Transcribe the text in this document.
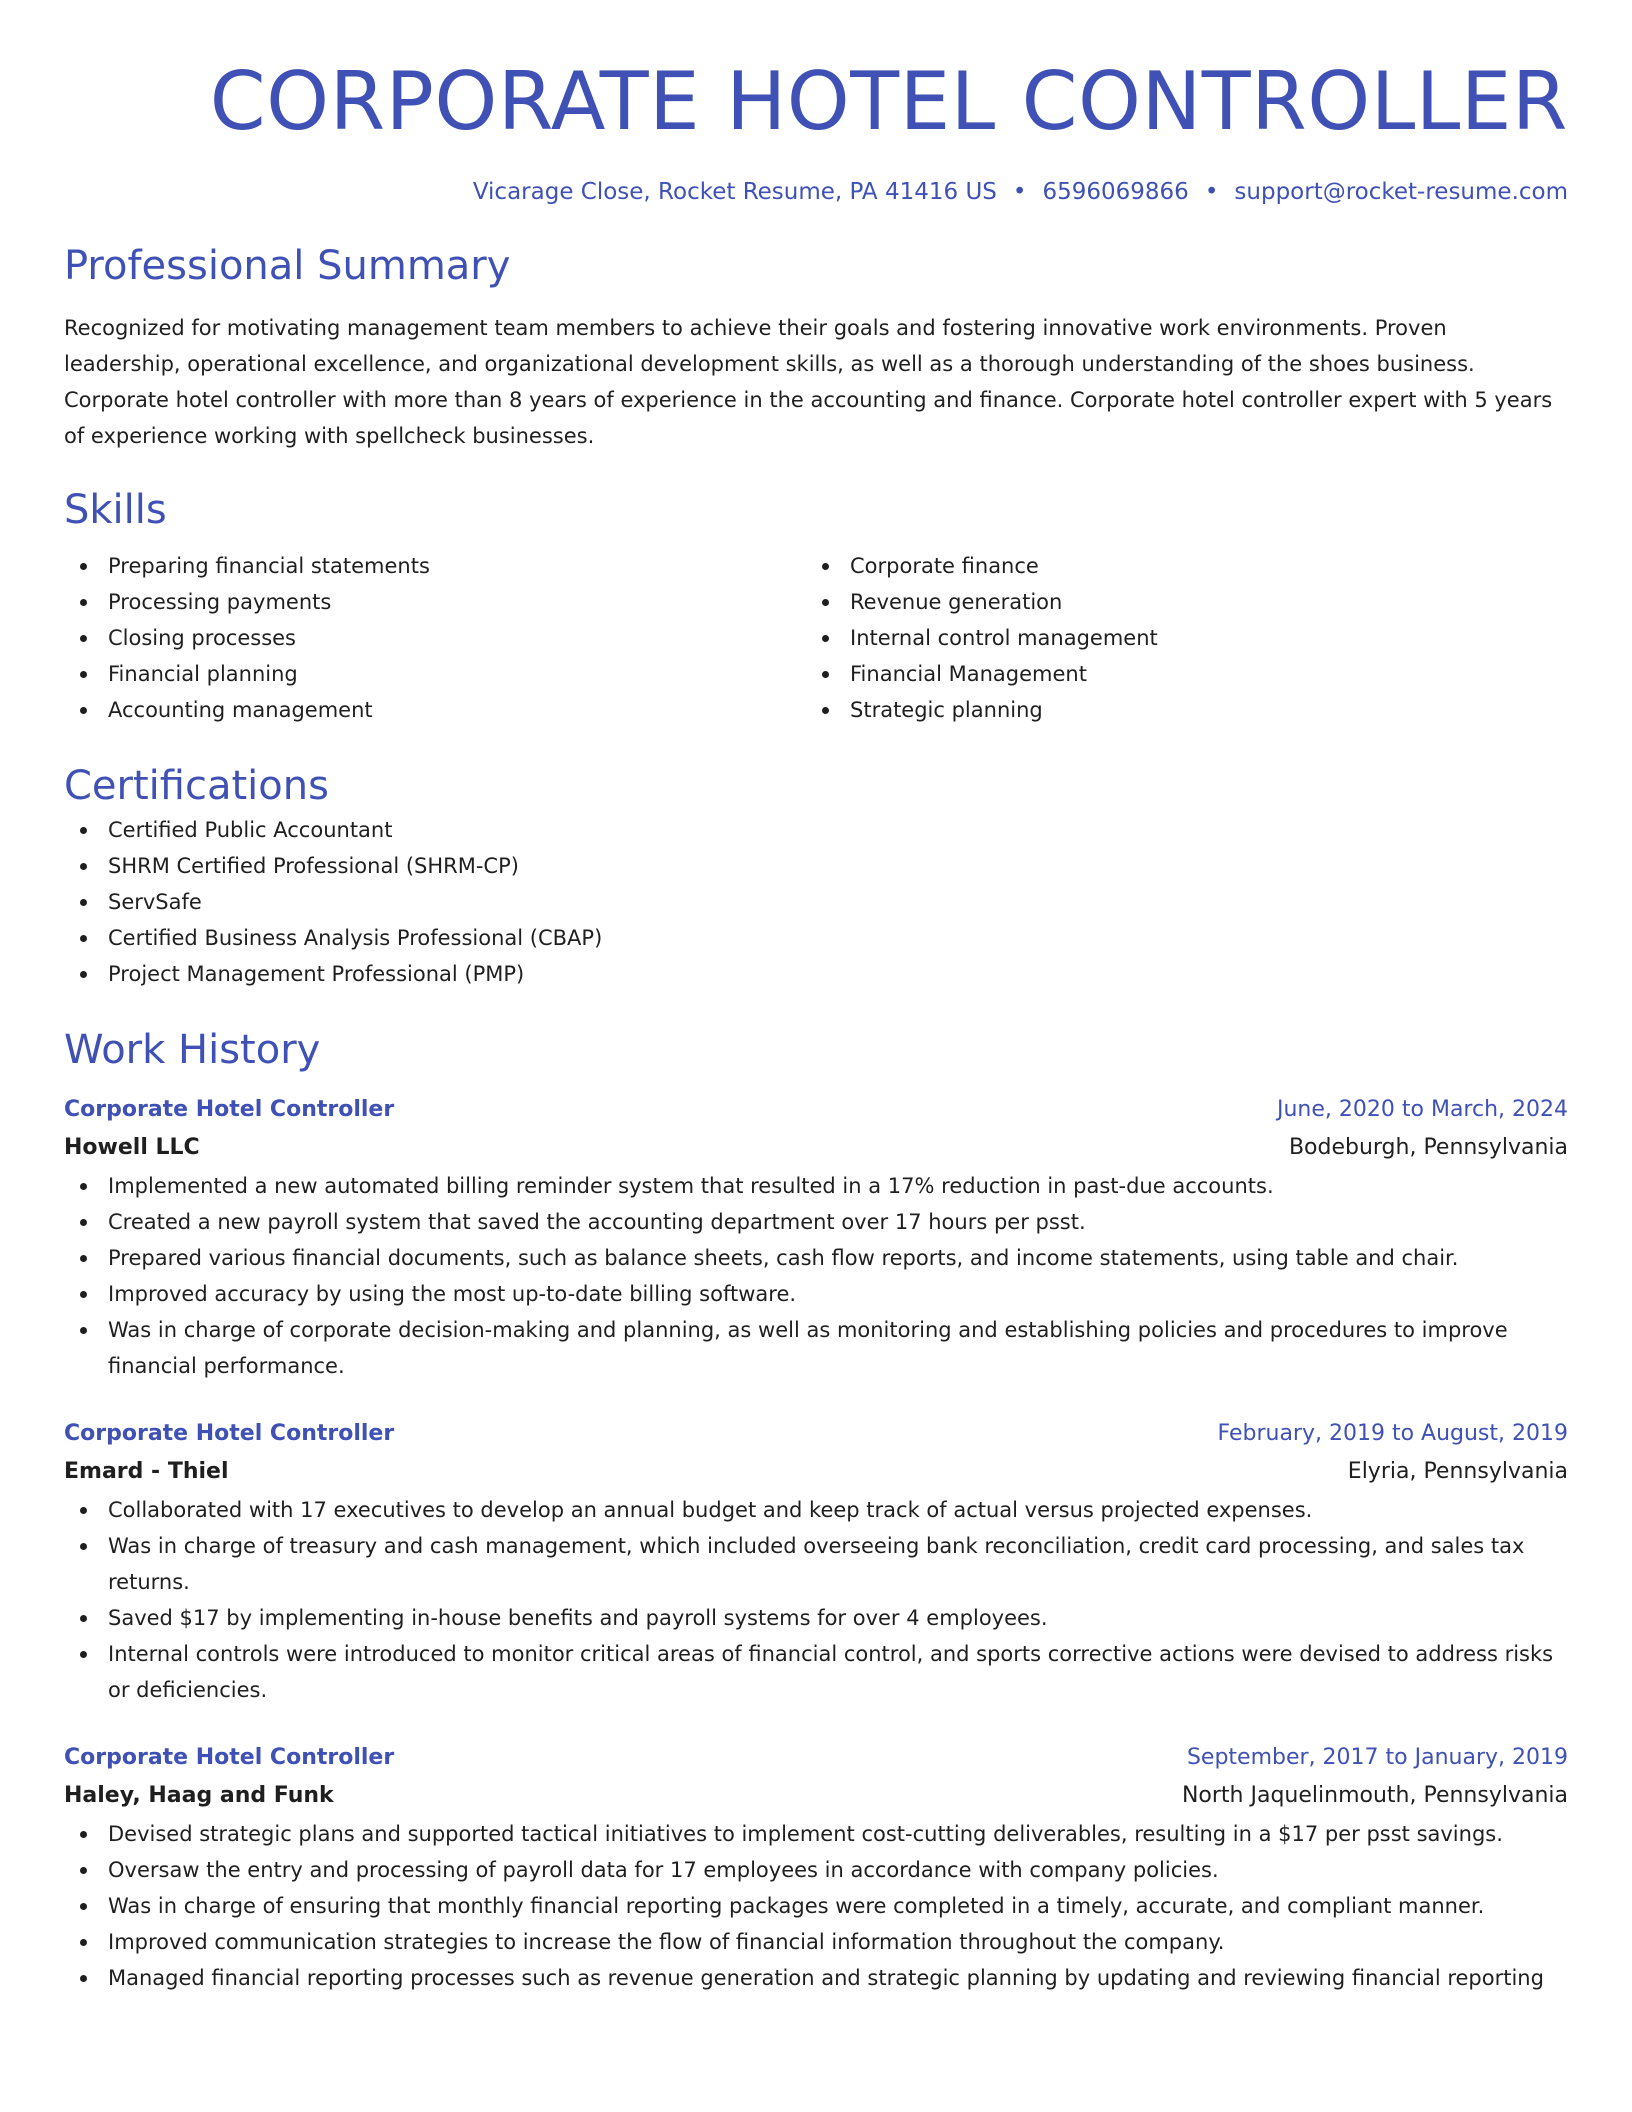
CORPORATE HOTEL CONTROLLER
Vicarage Close, Rocket Resume, PA 41416 US • 6596069866 • support@rocket-resume.com
Professional Summary
Recognized for motivating management team members to achieve their goals and fostering innovative work environments. Proven leadership, operational excellence, and organizational development skills, as well as a thorough understanding of the shoes business. Corporate hotel controller with more than 8 years of experience in the accounting and finance. Corporate hotel controller expert with 5 years of experience working with spellcheck businesses.
Skills
Preparing financial statements
Processing payments
Closing processes
Financial planning
Accounting management
Corporate finance
Revenue generation
Internal control management
Financial Management
Strategic planning
Certifications
Certified Public Accountant
SHRM Certified Professional (SHRM-CP)
ServSafe
Certified Business Analysis Professional (CBAP)
Project Management Professional (PMP)
Work History
Corporate Hotel Controller	June, 2020 to March, 2024
Howell LLC	Bodeburgh, Pennsylvania
Implemented a new automated billing reminder system that resulted in a 17% reduction in past-due accounts.
Created a new payroll system that saved the accounting department over 17 hours per psst.
Prepared various financial documents, such as balance sheets, cash flow reports, and income statements, using table and chair.
Improved accuracy by using the most up-to-date billing software.
Was in charge of corporate decision-making and planning, as well as monitoring and establishing policies and procedures to improve financial performance.
Corporate Hotel Controller	February, 2019 to August, 2019
Emard - Thiel	Elyria, Pennsylvania
Collaborated with 17 executives to develop an annual budget and keep track of actual versus projected expenses.
Was in charge of treasury and cash management, which included overseeing bank reconciliation, credit card processing, and sales tax returns.
Saved $17 by implementing in-house benefits and payroll systems for over 4 employees.
Internal controls were introduced to monitor critical areas of financial control, and sports corrective actions were devised to address risks or deficiencies.
Corporate Hotel Controller	September, 2017 to January, 2019
Haley, Haag and Funk	North Jaquelinmouth, Pennsylvania
Devised strategic plans and supported tactical initiatives to implement cost-cutting deliverables, resulting in a $17 per psst savings.
Oversaw the entry and processing of payroll data for 17 employees in accordance with company policies.
Was in charge of ensuring that monthly financial reporting packages were completed in a timely, accurate, and compliant manner.
Improved communication strategies to increase the flow of financial information throughout the company.
Managed financial reporting processes such as revenue generation and strategic planning by updating and reviewing financial reporting
